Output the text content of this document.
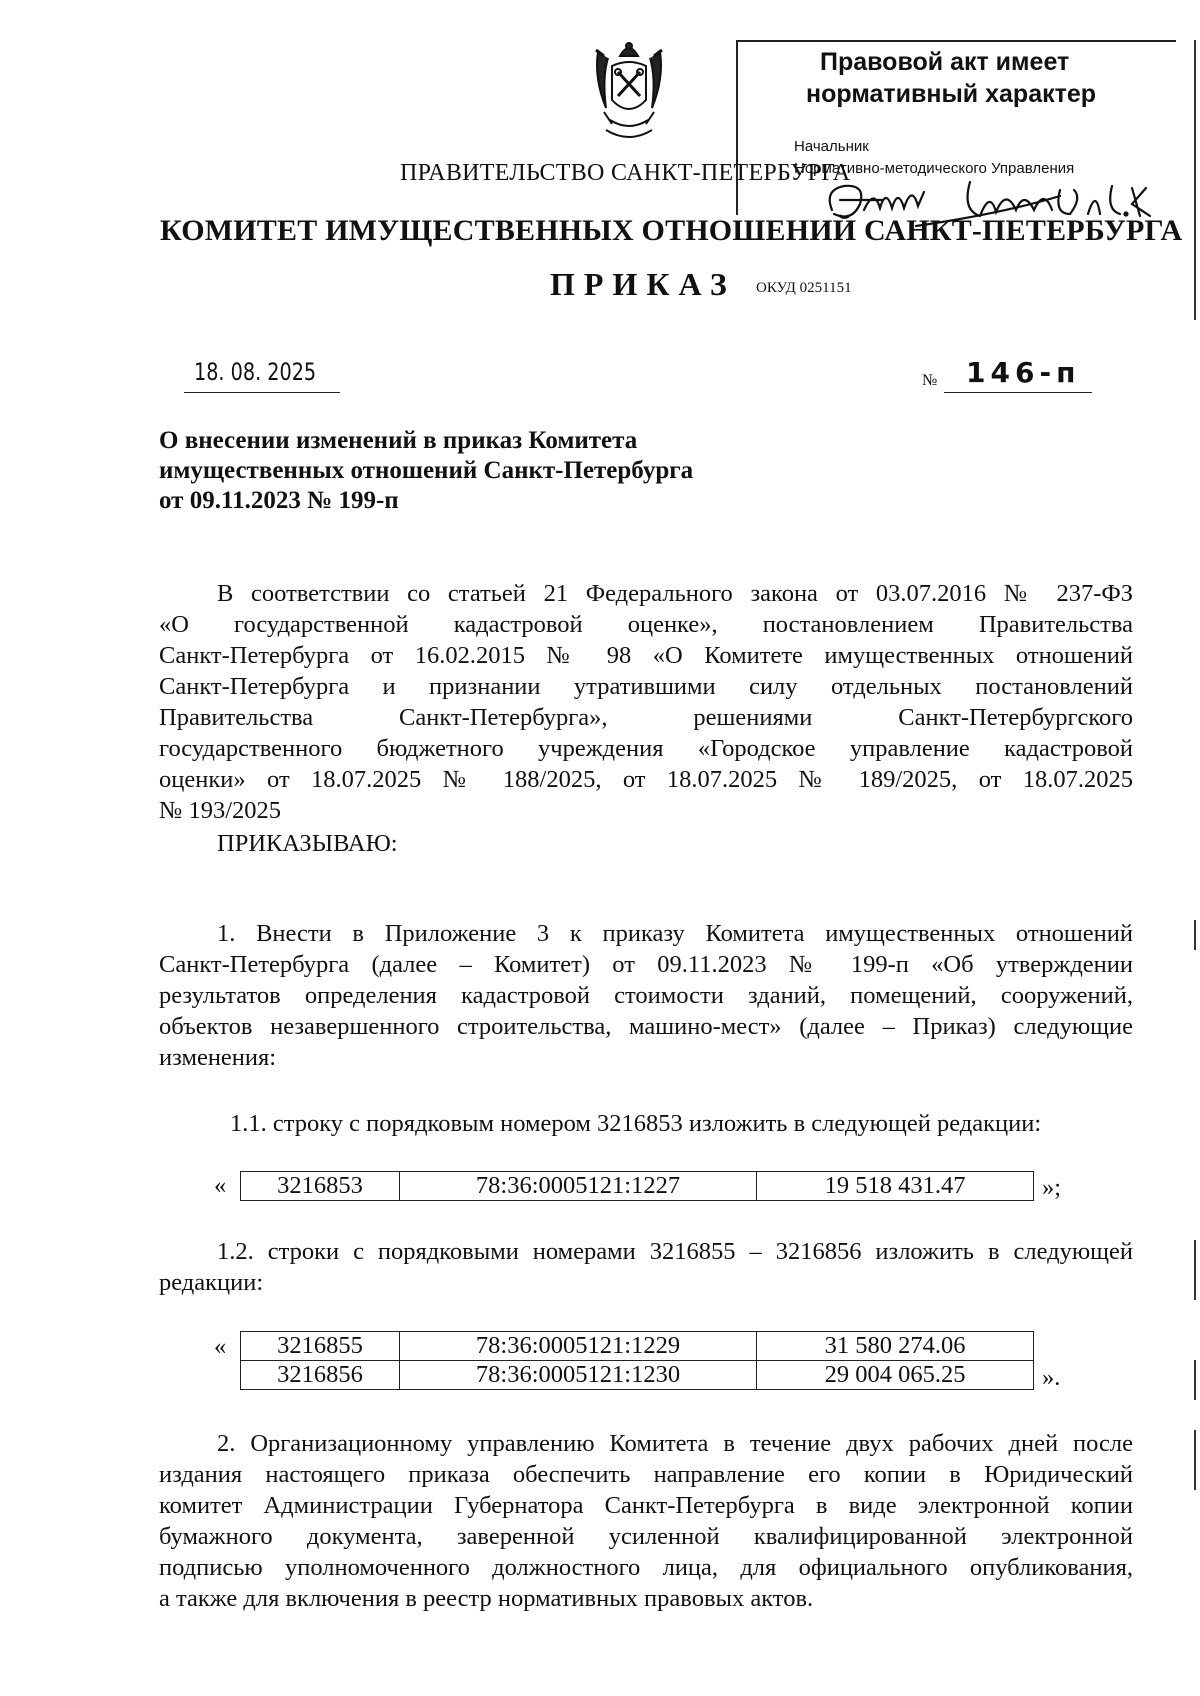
Правовой акт имеет
нормативный характер
Начальник
Нормативно-методического Управления
ПРАВИТЕЛЬСТВО САНКТ-ПЕТЕРБУРГА
КОМИТЕТ ИМУЩЕСТВЕННЫХ ОТНОШЕНИЙ САНКТ-ПЕТЕРБУРГА
ПРИКАЗ ОКУД 0251151
18. 08. 2025	№ 146-п
О внесении изменений в приказ Комитета
имущественных отношений Санкт-Петербурга
от 09.11.2023 № 199-п
В соответствии со статьей 21 Федерального закона от 03.07.2016 № 237-ФЗ
«О государственной кадастровой оценке», постановлением Правительства
Санкт-Петербурга от 16.02.2015 № 98 «О Комитете имущественных отношений
Санкт-Петербурга и признании утратившими силу отдельных постановлений
Правительства Санкт-Петербурга», решениями Санкт-Петербургского
государственного бюджетного учреждения «Городское управление кадастровой
оценки» от 18.07.2025 № 188/2025, от 18.07.2025 № 189/2025, от 18.07.2025
№ 193/2025
ПРИКАЗЫВАЮ:
1. Внести в Приложение 3 к приказу Комитета имущественных отношений
Санкт-Петербурга (далее – Комитет) от 09.11.2023 № 199-п «Об утверждении
результатов определения кадастровой стоимости зданий, помещений, сооружений,
объектов незавершенного строительства, машино-мест» (далее – Приказ) следующие
изменения:
1.1. строку с порядковым номером 3216853 изложить в следующей редакции:
« 3216853	78:36:0005121:1227	19 518 431.47	»;
1.2. строки с порядковыми номерами 3216855 – 3216856 изложить в следующей
редакции:
« 3216855	78:36:0005121:1229	31 580 274.06
3216856	78:36:0005121:1230	29 004 065.25	».
2. Организационному управлению Комитета в течение двух рабочих дней после
издания настоящего приказа обеспечить направление его копии в Юридический
комитет Администрации Губернатора Санкт-Петербурга в виде электронной копии
бумажного документа, заверенной усиленной квалифицированной электронной
подписью уполномоченного должностного лица, для официального опубликования,
а также для включения в реестр нормативных правовых актов.
